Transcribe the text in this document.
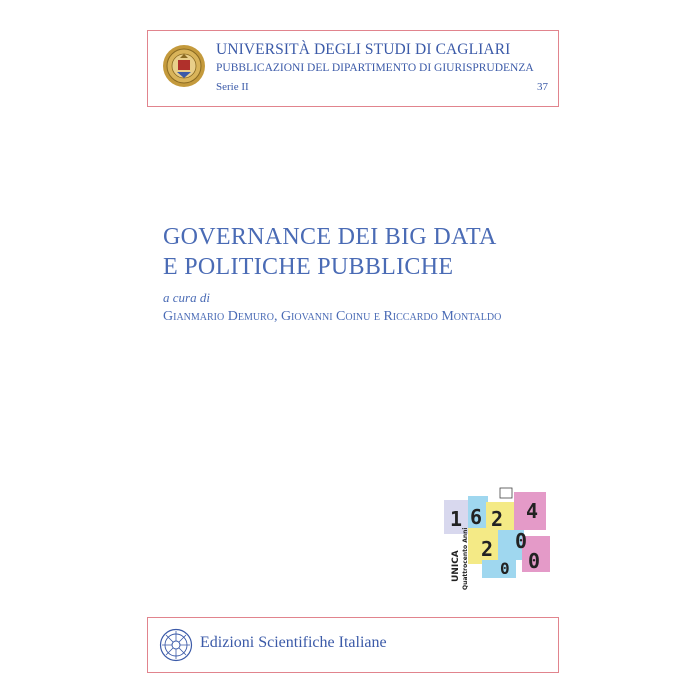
UNIVERSITÀ DEGLI STUDI DI CAGLIARI
PUBBLICAZIONI DEL DIPARTIMENTO DI GIURISPRUDENZA
Serie II	37
GOVERNANCE DEI BIG DATA
E POLITICHE PUBBLICHE
a cura di
Gianmario Demuro, Giovanni Coinu e Riccardo Montaldo
1 6 2 4
0
2 0
0
UNICA Quattrocento Anni
Edizioni Scientifiche Italiane
